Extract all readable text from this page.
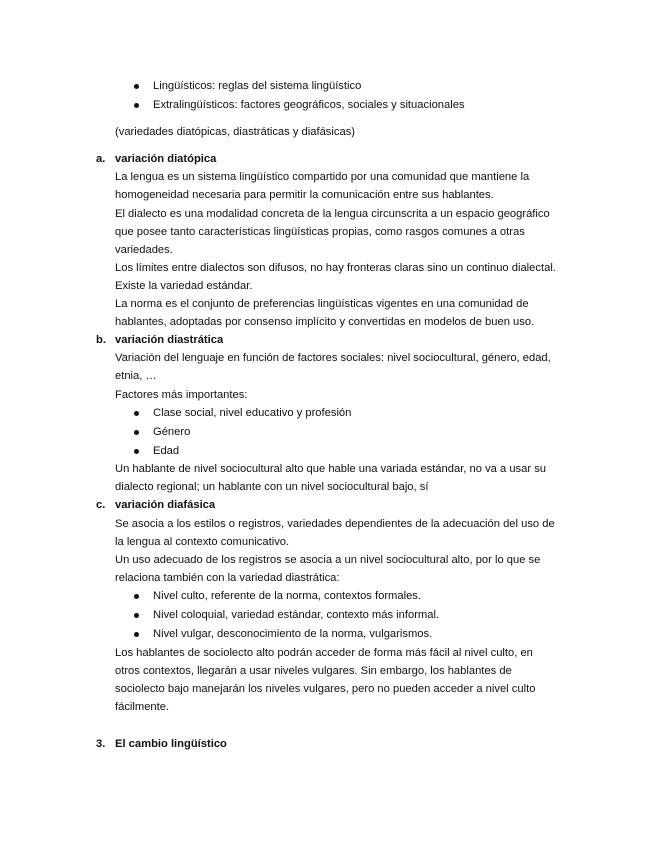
Lingüísticos: reglas del sistema lingüístico
Extralingüísticos: factores geográficos, sociales y situacionales
(variedades diatópicas, diastráticas y diafásicas)
a. variación diatópica
La lengua es un sistema lingüístico compartido por una comunidad que mantiene la
homogeneidad necesaria para permitir la comunicación entre sus hablantes.
El dialecto es una modalidad concreta de la lengua circunscrita a un espacio geográfico
que posee tanto características lingüísticas propias, como rasgos comunes a otras
variedades.
Los límites entre dialectos son difusos, no hay fronteras claras sino un continuo dialectal.
Existe la variedad estándar.
La norma es el conjunto de preferencias lingüísticas vigentes en una comunidad de
hablantes, adoptadas por consenso implícito y convertidas en modelos de buen uso.
b. variación diastrática
Variación del lenguaje en función de factores sociales: nivel sociocultural, género, edad,
etnia, …
Factores más importantes:
Clase social, nivel educativo y profesión
Género
Edad
Un hablante de nivel sociocultural alto que hable una variada estándar, no va a usar su
dialecto regional; un hablante con un nivel sociocultural bajo, sí
c. variación diafásica
Se asocia a los estilos o registros, variedades dependientes de la adecuación del uso de
la lengua al contexto comunicativo.
Un uso adecuado de los registros se asocia a un nivel sociocultural alto, por lo que se
relaciona también con la variedad diastrática:
Nivel culto, referente de la norma, contextos formales.
Nivel coloquial, variedad estándar, contexto más informal.
Nivel vulgar, desconocimiento de la norma, vulgarismos.
Los hablantes de sociolecto alto podrán acceder de forma más fácil al nivel culto, en
otros contextos, llegarán a usar niveles vulgares. Sin embargo, los hablantes de
sociolecto bajo manejarán los niveles vulgares, pero no pueden acceder a nivel culto
fácilmente.
3. El cambio lingüístico
